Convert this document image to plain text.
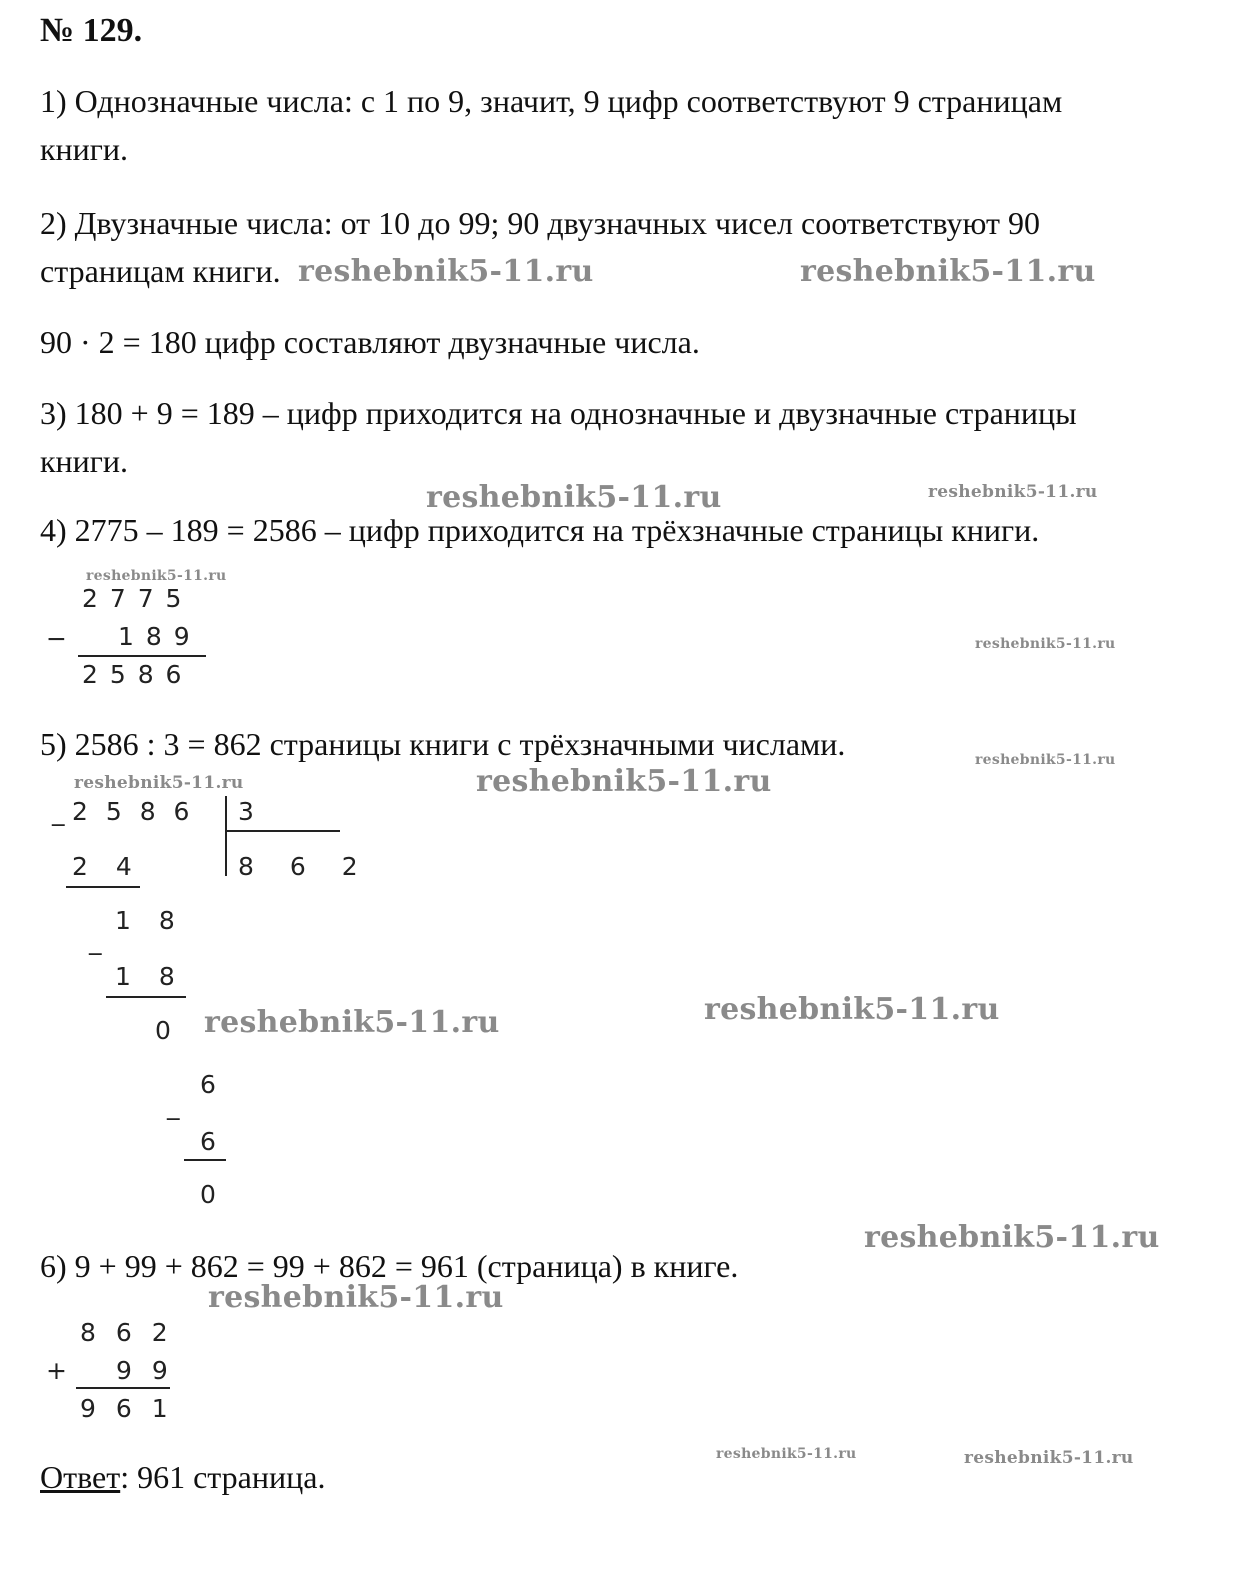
№ 129.
1) Однозначные числа: с 1 по 9, значит, 9 цифр соответствуют 9 страницам
книги.
2) Двузначные числа: от 10 до 99; 90 двузначных чисел соответствуют 90
страницам книги.
90 · 2 = 180 цифр составляют двузначные числа.
3) 180 + 9 = 189 – цифр приходится на однозначные и двузначные страницы
книги.
4) 2775 – 189 = 2586 – цифр приходится на трёхзначные страницы книги.
2 7 7 5
− 1 8 9
2 5 8 6
5) 2586 : 3 = 862 страницы книги с трёхзначными числами.
_ 2 5 8 6 3
8 6 2
2 4
_
1 8
1 8
0
6
_
6
0
6) 9 + 99 + 862 = 99 + 862 = 961 (страница) в книге.
8 6 2
+ 9 9
9 6 1
Ответ: 961 страница.
reshebnik5-11.ru	reshebnik5-11.ru
reshebnik5-11.ru	reshebnik5-11.ru
reshebnik5-11.ru
reshebnik5-11.ru
reshebnik5-11.ru
reshebnik5-11.ru	reshebnik5-11.ru
reshebnik5-11.ru	reshebnik5-11.ru
reshebnik5-11.ru
reshebnik5-11.ru
reshebnik5-11.ru	reshebnik5-11.ru
